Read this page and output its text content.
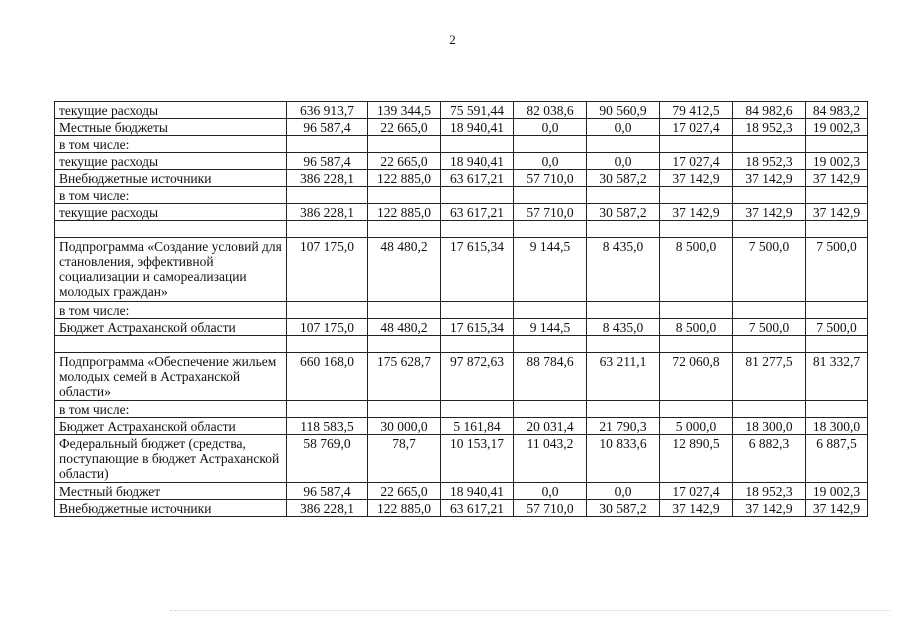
2
текущие расходы	636 913,7	139 344,5	75 591,44	82 038,6	90 560,9	79 412,5	84 982,6	84 983,2
Местные бюджеты	96 587,4	22 665,0	18 940,41	0,0	0,0	17 027,4	18 952,3	19 002,3
в том числе:								
текущие расходы	96 587,4	22 665,0	18 940,41	0,0	0,0	17 027,4	18 952,3	19 002,3
Внебюджетные источники	386 228,1	122 885,0	63 617,21	57 710,0	30 587,2	37 142,9	37 142,9	37 142,9
в том числе:								
текущие расходы	386 228,1	122 885,0	63 617,21	57 710,0	30 587,2	37 142,9	37 142,9	37 142,9

Подпрограмма «Создание условий для становления, эффективной социализации и самореализации молодых граждан»	107 175,0	48 480,2	17 615,34	9 144,5	8 435,0	8 500,0	7 500,0	7 500,0
в том числе:								
Бюджет Астраханской области	107 175,0	48 480,2	17 615,34	9 144,5	8 435,0	8 500,0	7 500,0	7 500,0

Подпрограмма «Обеспечение жильем молодых семей в Астраханской области»	660 168,0	175 628,7	97 872,63	88 784,6	63 211,1	72 060,8	81 277,5	81 332,7
в том числе:								
Бюджет Астраханской области	118 583,5	30 000,0	5 161,84	20 031,4	21 790,3	5 000,0	18 300,0	18 300,0
Федеральный бюджет (средства, поступающие в бюджет Астраханской области)	58 769,0	78,7	10 153,17	11 043,2	10 833,6	12 890,5	6 882,3	6 887,5
Местный бюджет	96 587,4	22 665,0	18 940,41	0,0	0,0	17 027,4	18 952,3	19 002,3
Внебюджетные источники	386 228,1	122 885,0	63 617,21	57 710,0	30 587,2	37 142,9	37 142,9	37 142,9
